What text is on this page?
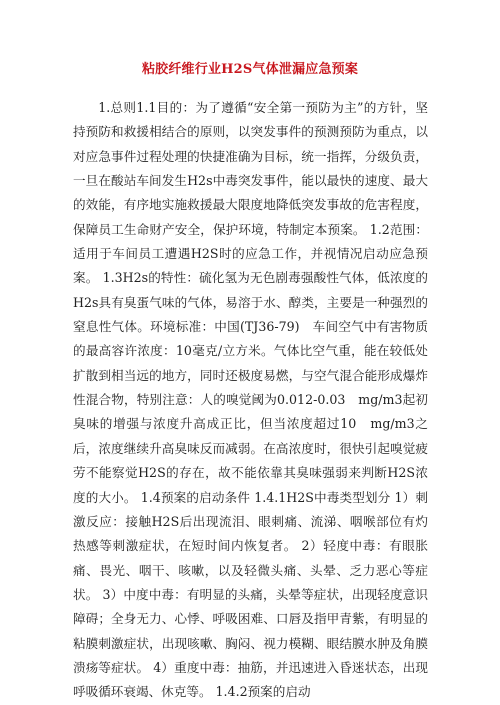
粘胶纤维行业H2S气体泄漏应急预案

1.总则1.1目的：为了遵循“安全第一预防为主”的方针，坚持预防和救援相结合的原则，以突发事件的预测预防为重点，以对应急事件过程处理的快捷准确为目标，统一指挥，分级负责，一旦在酸站车间发生H2s中毒突发事件，能以最快的速度、最大的效能，有序地实施救援最大限度地降低突发事故的危害程度，保障员工生命财产安全，保护环境，特制定本预案。 1.2范围：适用于车间员工遭遇H2S时的应急工作，并视情况启动应急预案。 1.3H2s的特性：硫化氢为无色剧毒强酸性气体，低浓度的H2s具有臭蛋气味的气体，易溶于水、醇类，主要是一种强烈的窒息性气体。环境标准：中国(TJ36-79)　车间空气中有害物质的最高容许浓度：10毫克/立方米。气体比空气重，能在较低处扩散到相当远的地方，同时还极度易燃，与空气混合能形成爆炸性混合物，特别注意：人的嗅觉阈为0.012-0.03　mg/m3起初臭味的增强与浓度升高成正比，但当浓度超过10　mg/m3之后，浓度继续升高臭味反而减弱。在高浓度时，很快引起嗅觉疲劳不能察觉H2S的存在，故不能依靠其臭味强弱来判断H2S浓度的大小。 1.4预案的启动条件 1.4.1H2S中毒类型划分 1）刺激反应：接触H2S后出现流泪、眼刺痛、流涕、咽喉部位有灼热感等刺激症状，在短时间内恢复者。 2）轻度中毒：有眼胀痛、畏光、咽干、咳嗽，以及轻微头痛、头晕、乏力恶心等症状。 3）中度中毒：有明显的头痛，头晕等症状，出现轻度意识障碍；全身无力、心悸、呼吸困难、口唇及指甲青紫，有明显的粘膜刺激症状，出现咳嗽、胸闷、视力模糊、眼结膜水肿及角膜溃疡等症状。 4）重度中毒：抽筋，并迅速进入昏迷状态，出现呼吸循环衰竭、休克等。 1.4.2预案的启动
